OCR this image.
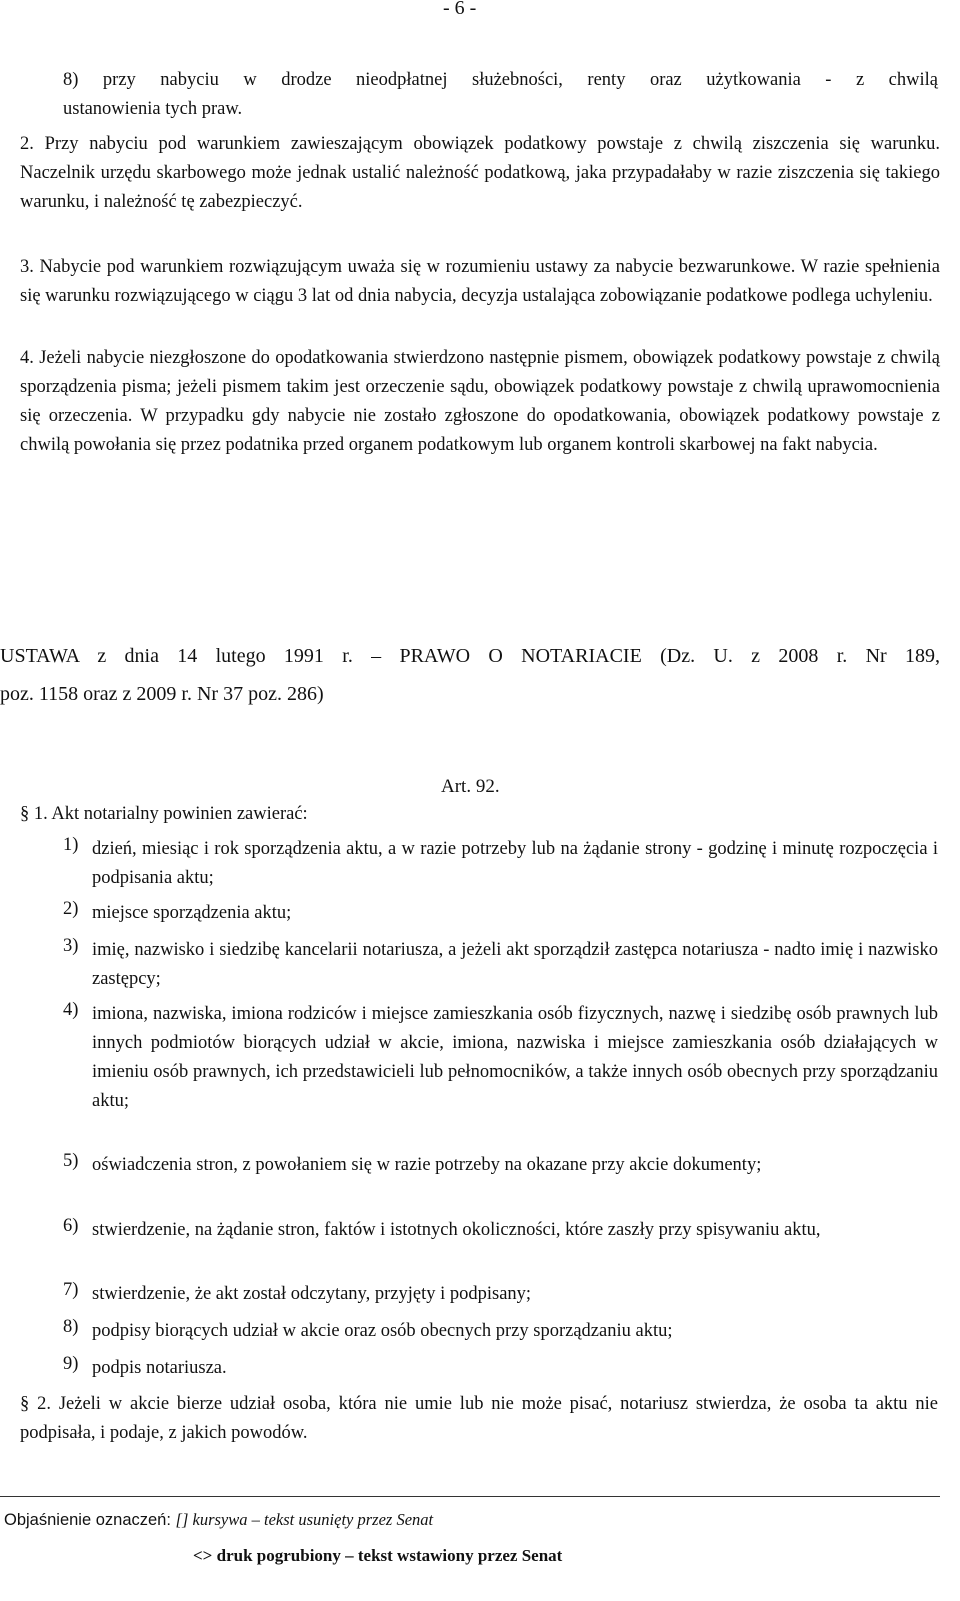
- 6 -
8) przy nabyciu w drodze nieodpłatnej służebności, renty oraz użytkowania - z chwilą
ustanowienia tych praw.

2. Przy nabyciu pod warunkiem zawieszającym obowiązek podatkowy powstaje z chwilą ziszczenia się warunku. Naczelnik urzędu skarbowego może jednak ustalić należność podatkową, jaka przypadałaby w razie ziszczenia się takiego warunku, i należność tę zabezpieczyć.

3. Nabycie pod warunkiem rozwiązującym uważa się w rozumieniu ustawy za nabycie bezwarunkowe. W razie spełnienia się warunku rozwiązującego w ciągu 3 lat od dnia nabycia, decyzja ustalająca zobowiązanie podatkowe podlega uchyleniu.

4. Jeżeli nabycie niezgłoszone do opodatkowania stwierdzono następnie pismem, obowiązek podatkowy powstaje z chwilą sporządzenia pisma; jeżeli pismem takim jest orzeczenie sądu, obowiązek podatkowy powstaje z chwilą uprawomocnienia się orzeczenia. W przypadku gdy nabycie nie zostało zgłoszone do opodatkowania, obowiązek podatkowy powstaje z chwilą powołania się przez podatnika przed organem podatkowym lub organem kontroli skarbowej na fakt nabycia.

USTAWA z dnia 14 lutego 1991 r. – PRAWO O NOTARIACIE (Dz. U. z 2008 r. Nr 189,
poz. 1158 oraz z 2009 r. Nr 37 poz. 286)
Art. 92.
§ 1. Akt notarialny powinien zawierać:
1) dzień, miesiąc i rok sporządzenia aktu, a w razie potrzeby lub na żądanie strony - godzinę i minutę rozpoczęcia i podpisania aktu;
2) miejsce sporządzenia aktu;
3) imię, nazwisko i siedzibę kancelarii notariusza, a jeżeli akt sporządził zastępca notariusza - nadto imię i nazwisko zastępcy;
4) imiona, nazwiska, imiona rodziców i miejsce zamieszkania osób fizycznych, nazwę i siedzibę osób prawnych lub innych podmiotów biorących udział w akcie, imiona, nazwiska i miejsce zamieszkania osób działających w imieniu osób prawnych, ich przedstawicieli lub pełnomocników, a także innych osób obecnych przy sporządzaniu aktu;
5) oświadczenia stron, z powołaniem się w razie potrzeby na okazane przy akcie dokumenty;
6) stwierdzenie, na żądanie stron, faktów i istotnych okoliczności, które zaszły przy spisywaniu aktu,
7) stwierdzenie, że akt został odczytany, przyjęty i podpisany;
8) podpisy biorących udział w akcie oraz osób obecnych przy sporządzaniu aktu;
9) podpis notariusza.

§ 2. Jeżeli w akcie bierze udział osoba, która nie umie lub nie może pisać, notariusz stwierdza, że osoba ta aktu nie podpisała, i podaje, z jakich powodów.

Objaśnienie oznaczeń: [] kursywa – tekst usunięty przez Senat
<> druk pogrubiony – tekst wstawiony przez Senat
